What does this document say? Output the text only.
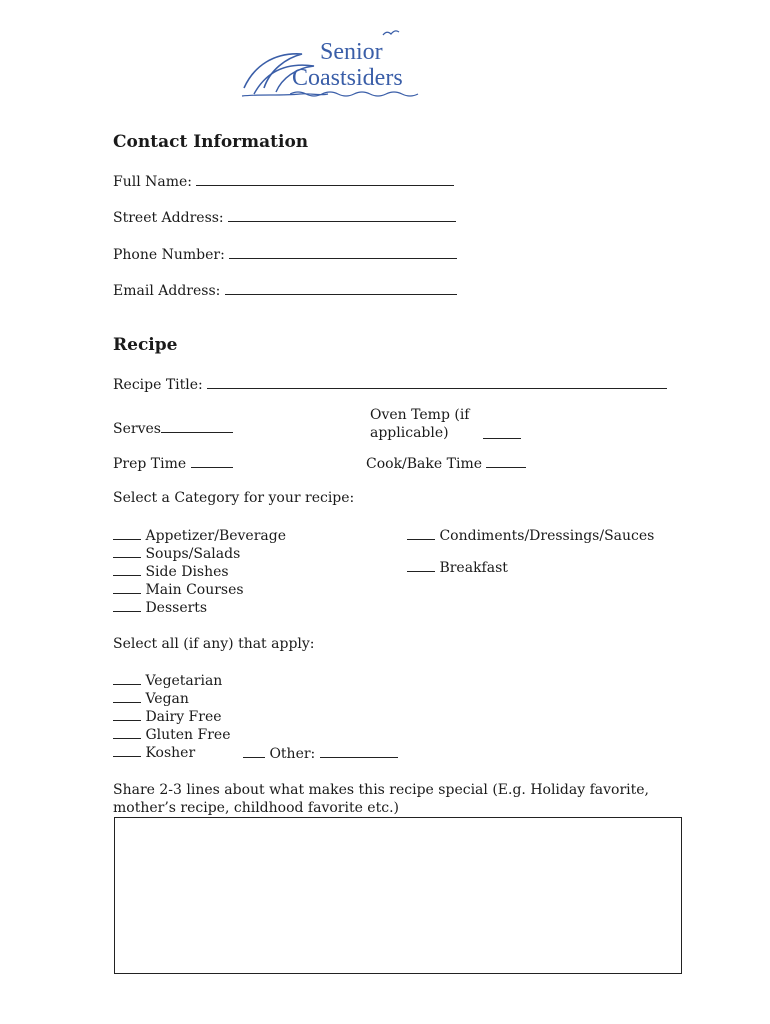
Senior
Coastsiders
Contact Information
Full Name:
Street Address:
Phone Number:
Email Address:
Recipe
Recipe Title:
Serves
Oven Temp (if
applicable)
Prep Time	Cook/Bake Time
Select a Category for your recipe:
Appetizer/Beverage
Soups/Salads
Side Dishes
Main Courses
Desserts
Condiments/Dressings/Sauces
Breakfast
Select all (if any) that apply:
Vegetarian
Vegan
Dairy Free
Gluten Free
Kosher	Other:
Share 2-3 lines about what makes this recipe special (E.g. Holiday favorite,
mother’s recipe, childhood favorite etc.)
